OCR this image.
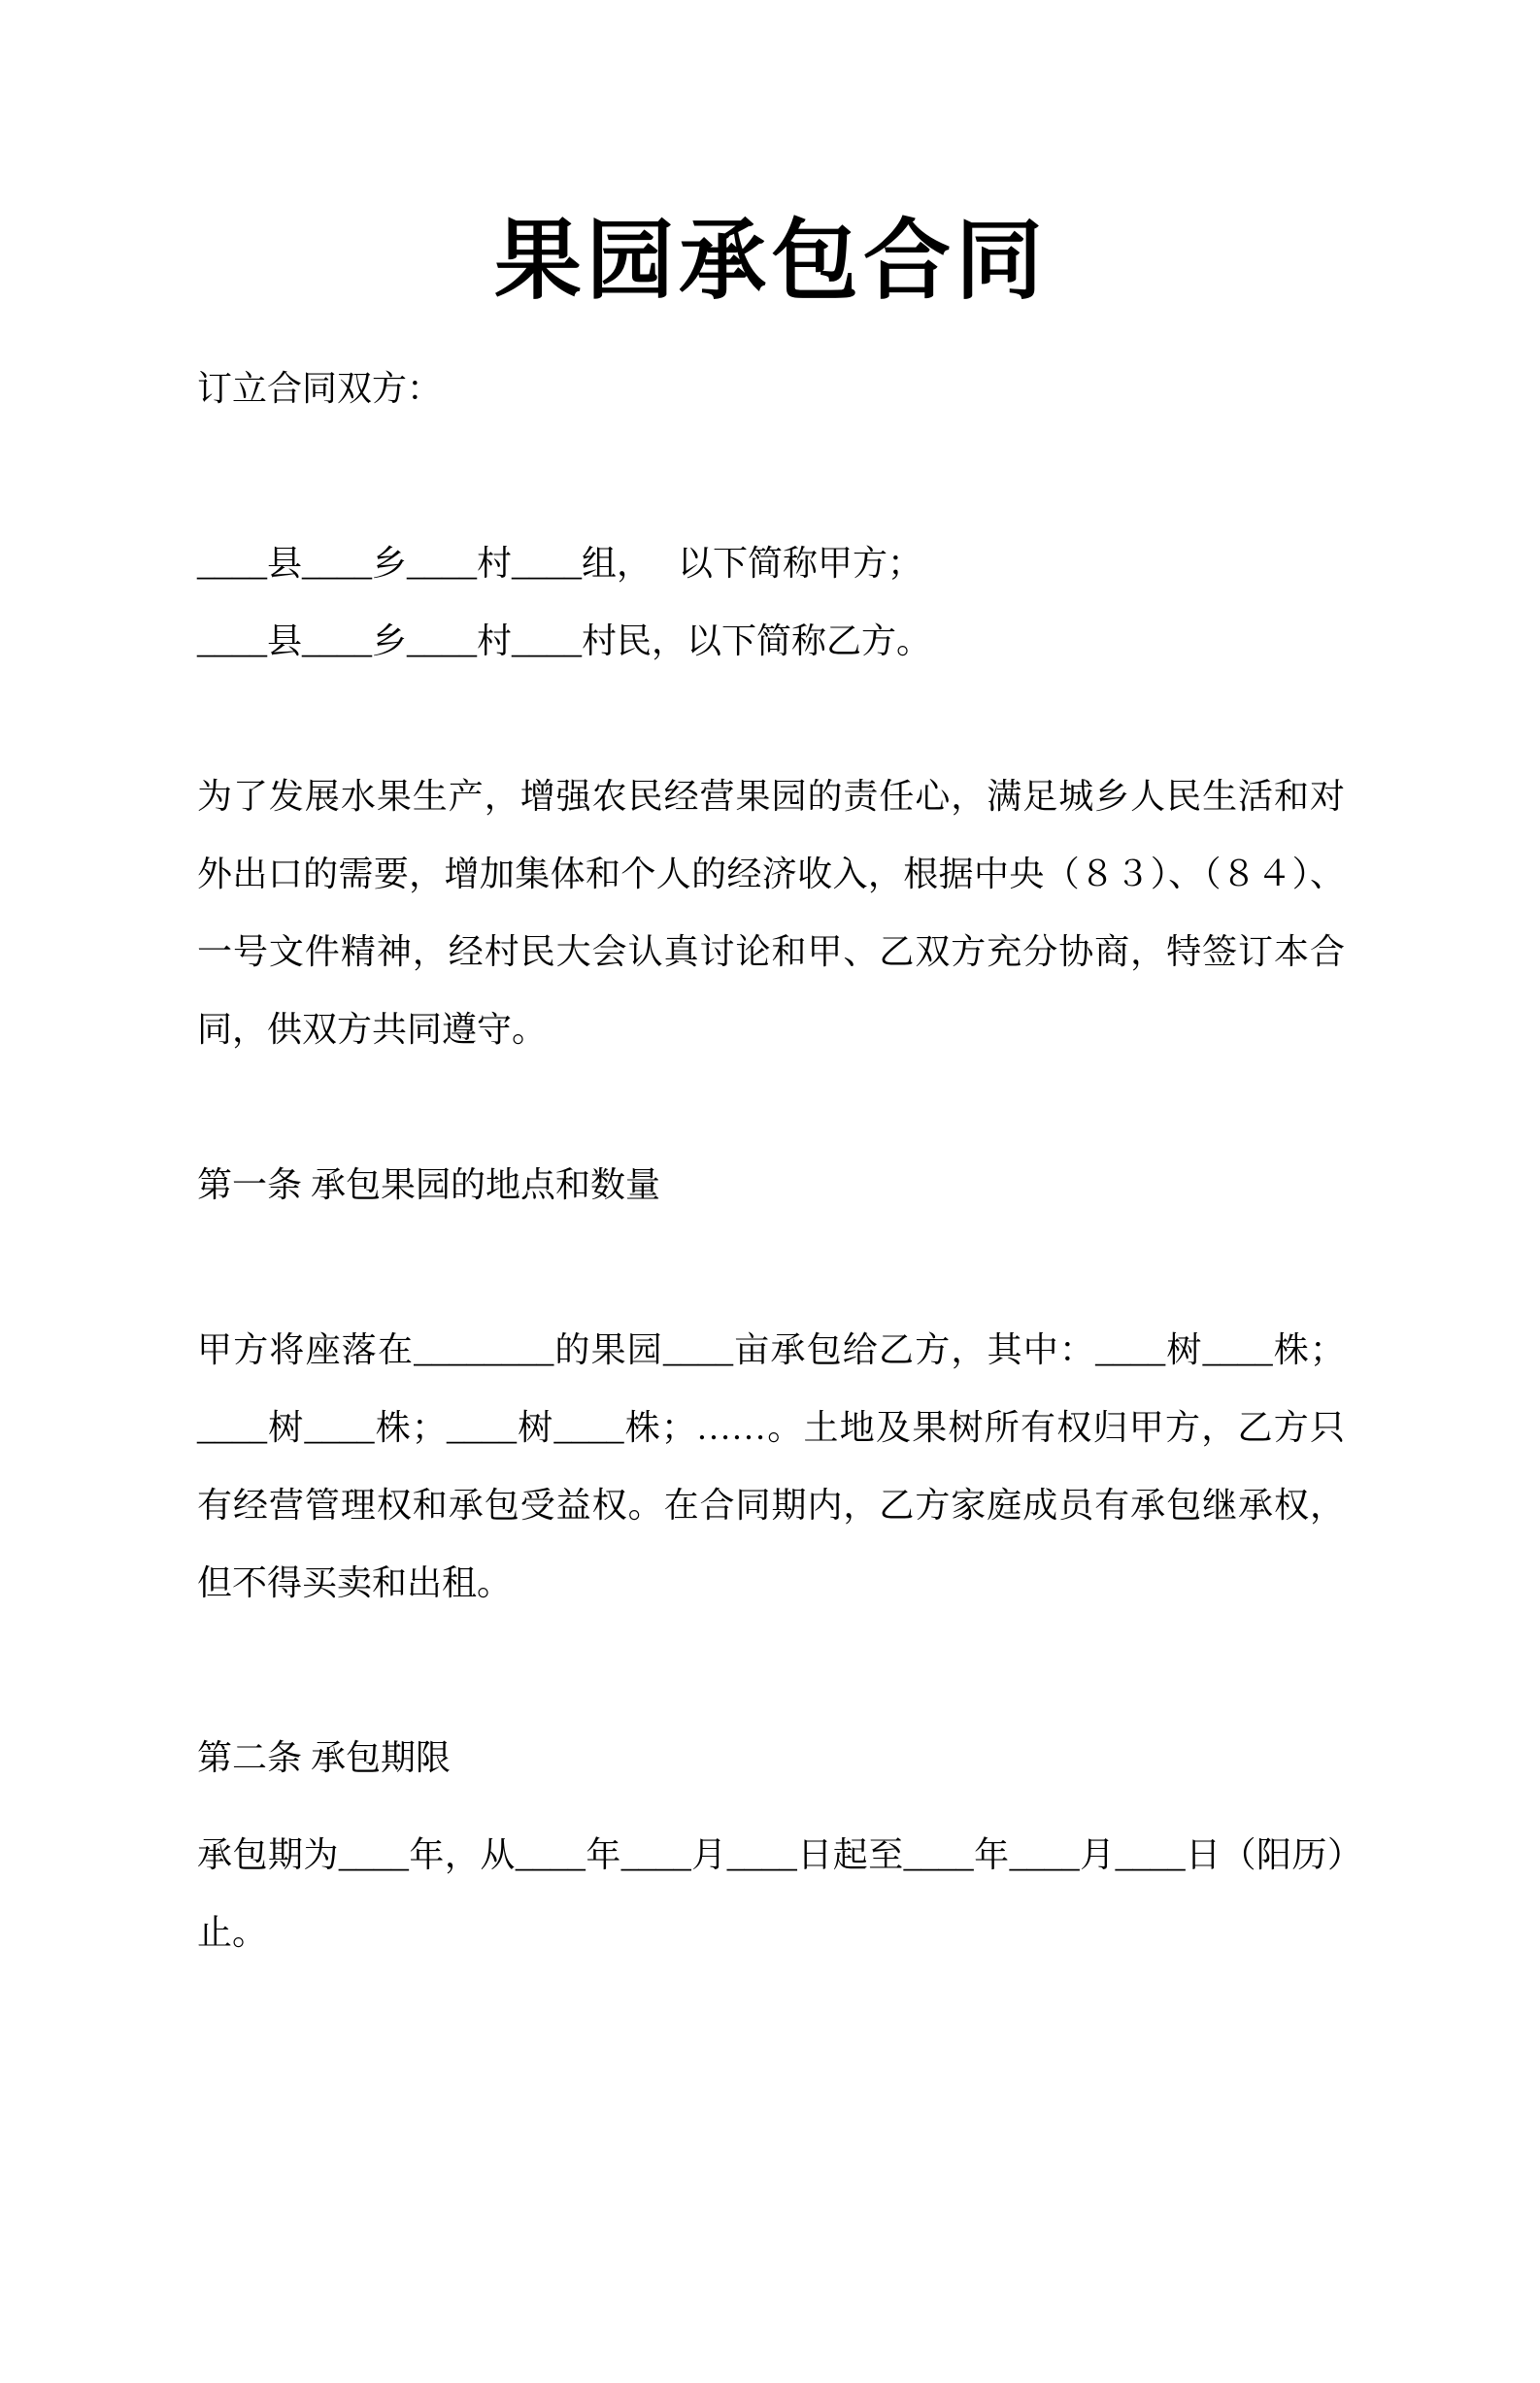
果园承包合同

订立合同双方：

____县____乡____村____组，　 以下简称甲方；

____县____乡____村____村民，以下简称乙方。

为了发展水果生产，增强农民经营果园的责任心，满足城乡人民生活和对外出口的需要，增加集体和个人的经济收入，根据中央（８３）、（８４）、一号文件精神，经村民大会认真讨论和甲、乙双方充分协商，特签订本合同，供双方共同遵守。

第一条 承包果园的地点和数量

甲方将座落在________的果园____亩承包给乙方，其中：____树____株；____树____株；____树____株；……。土地及果树所有权归甲方，乙方只有经营管理权和承包受益权。在合同期内，乙方家庭成员有承包继承权，但不得买卖和出租。

第二条 承包期限

承包期为____年，从____年____月____日起至____年____月____日（阳历）止。
